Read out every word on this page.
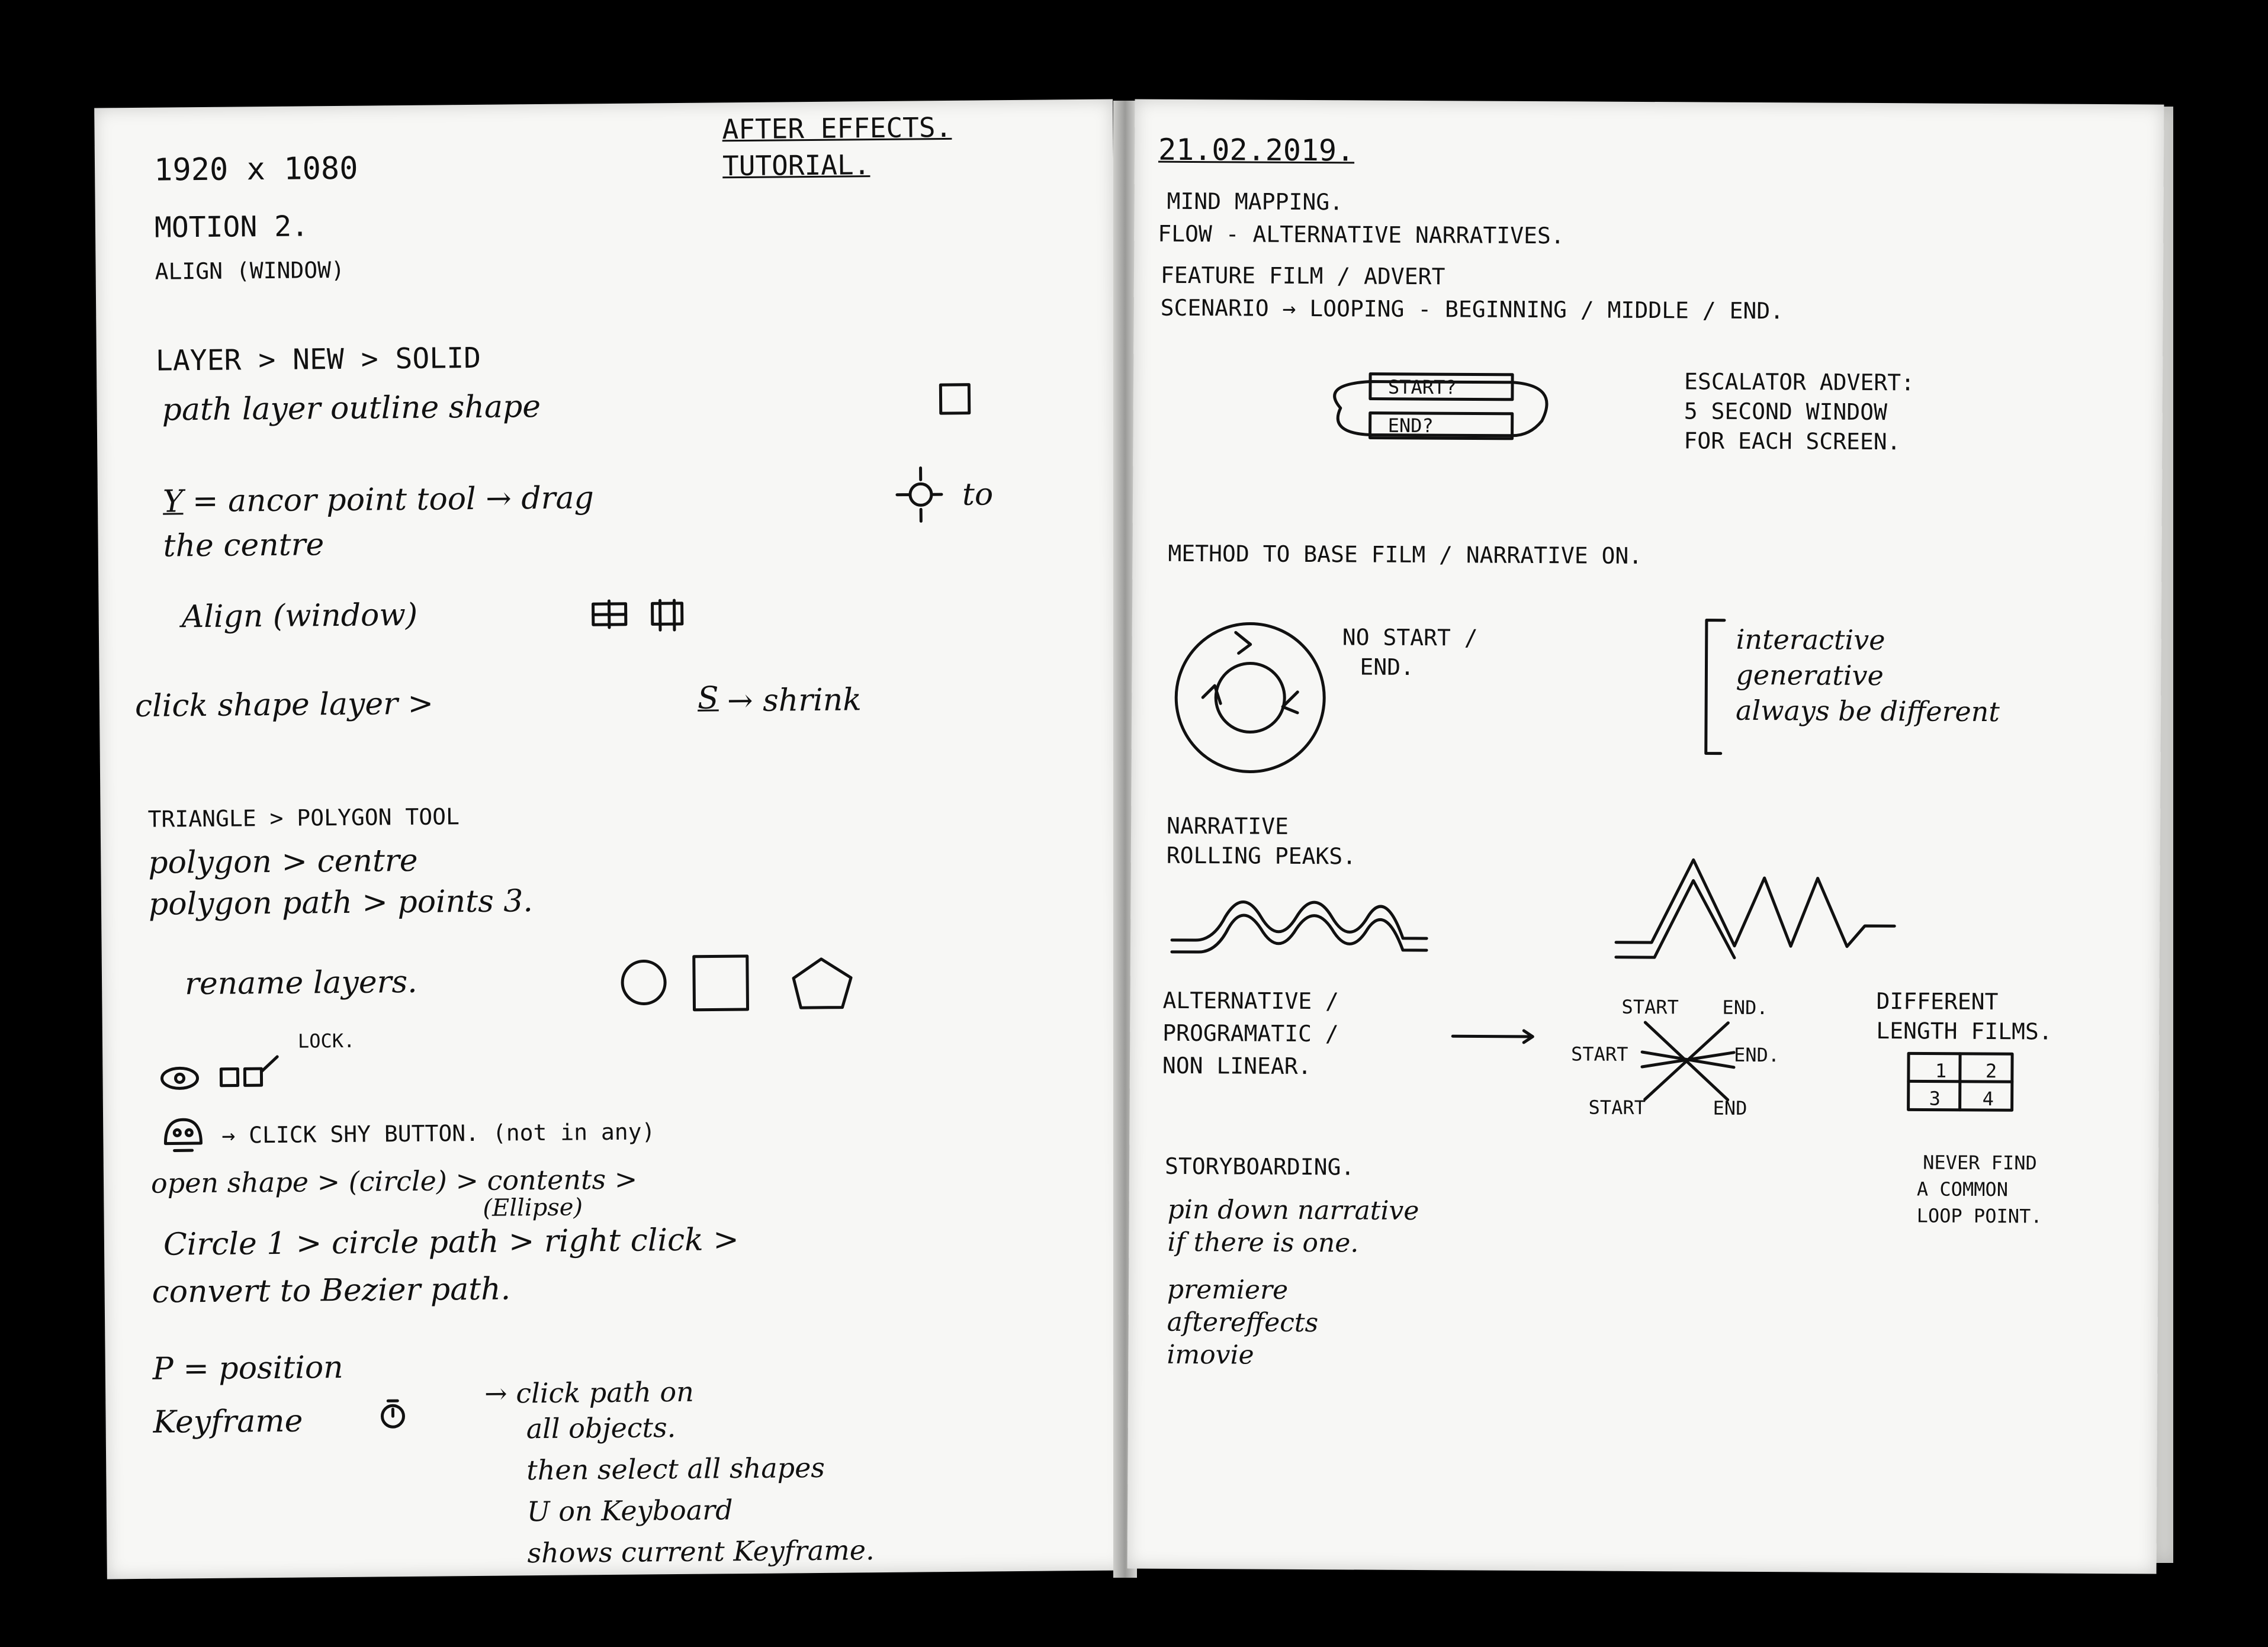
AFTER EFFECTS.
TUTORIAL.
1920 x 1080
MOTION 2.
ALIGN (WINDOW)
LAYER > NEW > SOLID
path layer outline shape
Y = ancor point tool → drag	to
the centre
Align (window)
click shape layer >	S → shrink
TRIANGLE > POLYGON TOOL
polygon > centre
polygon path > points 3.
rename layers.
LOCK.
→ CLICK SHY BUTTON. (not in any)
open shape > (circle) > contents >
(Ellipse)
Circle 1 > circle path > right click >
convert to Bezier path.
P = position
Keyframe
→ click path on
all objects.
then select all shapes
U on Keyboard
shows current Keyframe.
21.02.2019.
MIND MAPPING.
FLOW - ALTERNATIVE NARRATIVES.
FEATURE FILM / ADVERT
SCENARIO → LOOPING - BEGINNING / MIDDLE / END.
START?
END?
ESCALATOR ADVERT:
5 SECOND WINDOW
FOR EACH SCREEN.
METHOD TO BASE FILM / NARRATIVE ON.
NO START /
END.
interactive
generative
always be different
NARRATIVE
ROLLING PEAKS.
ALTERNATIVE /
PROGRAMATIC /
NON LINEAR.
START END.
START	END.
START	END
DIFFERENT
LENGTH FILMS.
1 2
3 4
NEVER FIND
A COMMON
LOOP POINT.
STORYBOARDING.
pin down narrative
if there is one.
premiere
aftereffects
imovie
